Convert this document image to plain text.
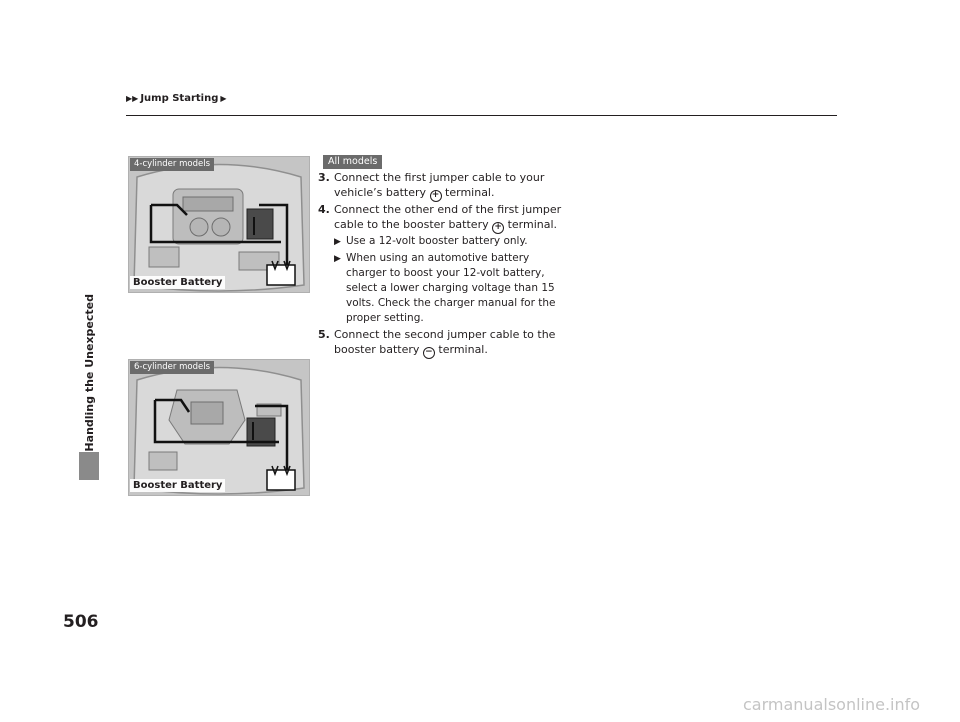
▶▶ Jump Starting ▶
Handling the Unexpected
4-cylinder models
Booster Battery
6-cylinder models
Booster Battery
All models
3. Connect the first jumper cable to your vehicle’s battery + terminal.
4. Connect the other end of the first jumper cable to the booster battery + terminal.
▶ Use a 12-volt booster battery only.
▶ When using an automotive battery charger to boost your 12-volt battery, select a lower charging voltage than 15 volts. Check the charger manual for the proper setting.
5. Connect the second jumper cable to the booster battery − terminal.
506
carmanualsonline.info
